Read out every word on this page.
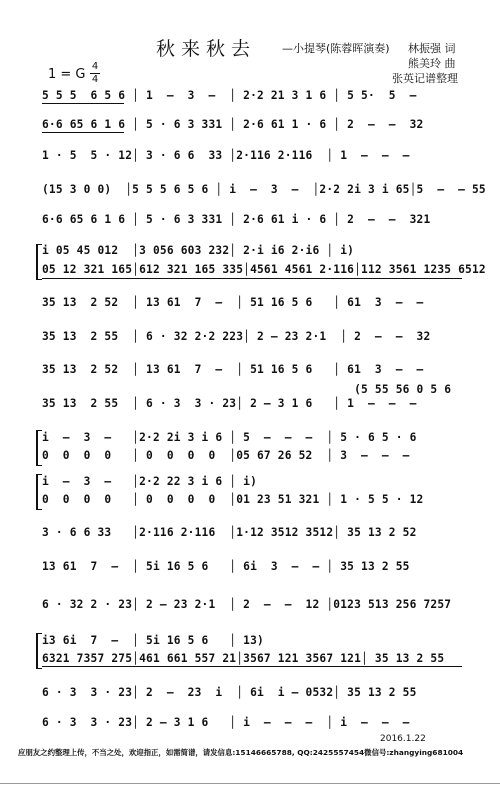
秋来秋去 —小提琴(陈蓉晖演奏) 林振强 词
熊美玲 曲
张英记谱整理
1 = G
4
4
5 5 5  6 5 6 │ 1  —  3  —  │ 2·2 21 3 1 6 │ 5 5·  5  —
6·6 65 6 1 6 │ 5 · 6 3 331 │ 2·6 61 1 · 6 │ 2  —  —  32
1 · 5  5 · 12│ 3 · 6 6  33 │2·116 2·116  │ 1  —  —  —
(15 3 0 0)  │5 5 5 6 5 6 │ i  —  3  —  │2·2 2i 3 i 65│5  —  — 55
6·6 65 6 1 6 │ 5 · 6 3 331 │ 2·6 61 i · 6 │ 2  —  —  321
i 05 45 012  │3 056 603 232│ 2·i i6 2·i6 │ i)
05 12 321 165│612 321 165 335│4561 4561 2·116│112 3561 1235 6512
35 13  2 52  │ 13 61  7  —  │ 51 16 5 6   │ 61  3  —  —
35 13  2 55  │ 6 · 32 2·2 223│ 2 — 23 2·1  │ 2  —  —  32
35 13  2 52  │ 13 61  7  —  │ 51 16 5 6   │ 61  3  —  —
(5 55 56 0 5 6
35 13  2 55  │ 6 · 3  3 · 23│ 2 — 3 1 6   │ 1  —  —  —
i  —  3  —   │2·2 2i 3 i 6 │ 5  —  —  —  │ 5 · 6 5 · 6
0  0  0  0   │ 0  0  0  0  │05 67 26 52  │ 3  —  —  —
i  —  3  —   │2·2 22 3 i 6 │ i)
0  0  0  0   │ 0  0  0  0  │01 23 51 321 │ 1 · 5 5 · 12
3 · 6 6 33   │2·116 2·116  │1·12 3512 3512│ 35 13 2 52
13 61  7  —  │ 5i 16 5 6   │ 6i  3  —  — │ 35 13 2 55
6 · 32 2 · 23│ 2 — 23 2·1  │ 2  —  —  12 │0123 513 256 7257
i3 6i  7  —  │ 5i 16 5 6   │ 13)
6321 7357 275│461 661 557 21│3567 121 3567 121│ 35 13 2 55
6 · 3  3 · 23│ 2  —  23  i  │ 6i  i — 0532│ 35 13 2 55
6 · 3  3 · 23│ 2 — 3 1 6   │ i  —  —  —  │ i  —  —  —
2016.1.22
应朋友之约整理上传，不当之处，欢迎指正，如需简谱，请发信息:15146665788, QQ:2425557454微信号:zhangying681004
